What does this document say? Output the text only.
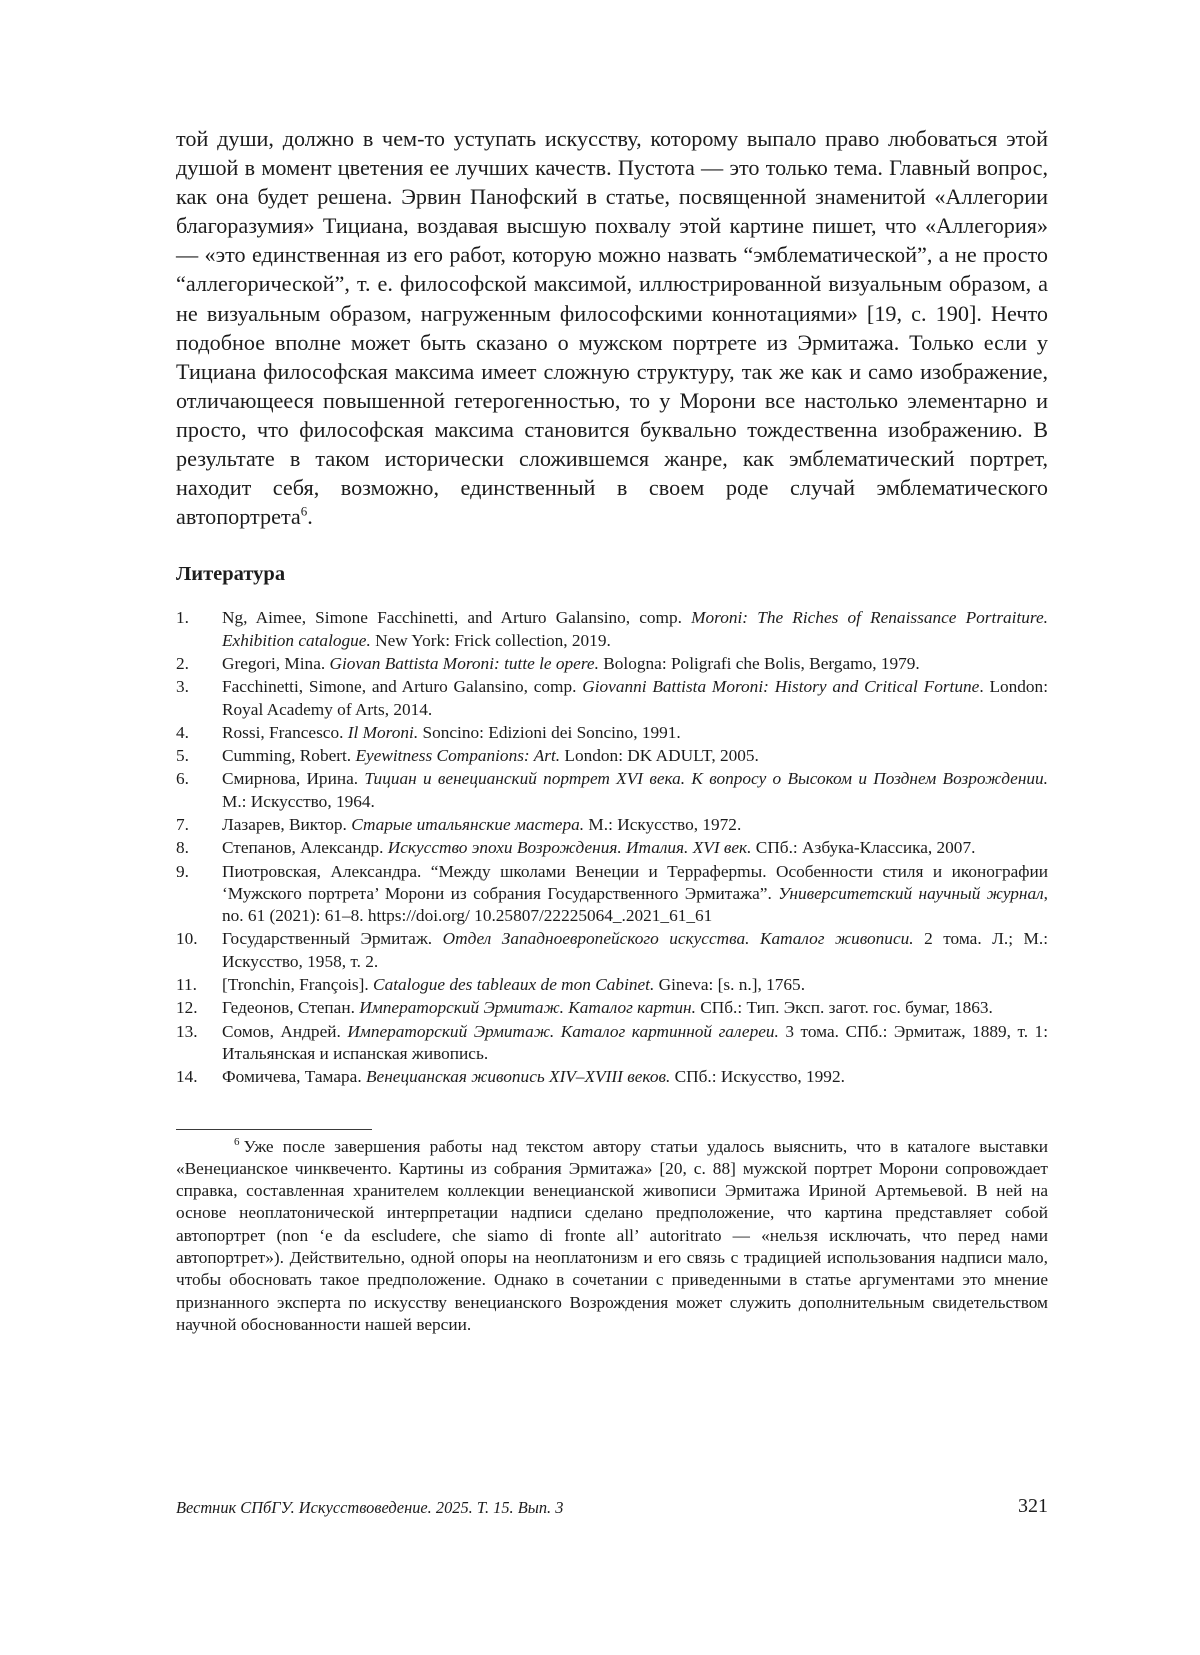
той души, должно в чем-то уступать искусству, которому выпало право любоваться этой душой в момент цветения ее лучших качеств. Пустота — это только тема. Главный вопрос, как она будет решена. Эрвин Панофский в статье, посвященной знаменитой «Аллегории благоразумия» Тициана, воздавая высшую похвалу этой картине пишет, что «Аллегория» — «это единственная из его работ, которую можно назвать “эмблематической”, а не просто “аллегорической”, т. е. философской максимой, иллюстрированной визуальным образом, а не визуальным образом, нагруженным философскими коннотациями» [19, с. 190]. Нечто подобное вполне может быть сказано о мужском портрете из Эрмитажа. Только если у Тициана философская максима имеет сложную структуру, так же как и само изображение, отличающееся повышенной гетерогенностью, то у Морони все настолько элементарно и просто, что философская максима становится буквально тождественна изображению. В результате в таком исторически сложившемся жанре, как эмблематический портрет, находит себя, возможно, единственный в своем роде случай эмблематического автопортрета$^6$.

Литература
1. Ng, Aimee, Simone Facchinetti, and Arturo Galansino, comp. Moroni: The Riches of Renaissance Portraiture. Exhibition catalogue. New York: Frick collection, 2019.
2. Gregori, Mina. Giovan Battista Moroni: tutte le opere. Bologna: Poligrafi che Bolis, Bergamo, 1979.
3. Facchinetti, Simone, and Arturo Galansino, comp. Giovanni Battista Moroni: History and Critical Fortune. London: Royal Academy of Arts, 2014.
4. Rossi, Francesco. Il Moroni. Soncino: Edizioni dei Soncino, 1991.
5. Cumming, Robert. Eyewitness Companions: Art. London: DK ADULT, 2005.
6. Смирнова, Ирина. Тициан и венецианский портрет XVI века. К вопросу о Высоком и Позднем Возрождении. М.: Искусство, 1964.
7. Лазарев, Виктор. Старые итальянские мастера. М.: Искусство, 1972.
8. Степанов, Александр. Искусство эпохи Возрождения. Италия. XVI век. СПб.: Азбука-Классика, 2007.
9. Пиотровская, Александра. “Между школами Венеции и Терраферmы. Особенности стиля и иконографии ‘Мужского портрета’ Морони из собрания Государственного Эрмитажа”. Университетский научный журнал, no. 61 (2021): 61–8. https://doi.org/ 10.25807/22225064_.2021_61_61
10. Государственный Эрмитаж. Отдел Западноевропейского искусства. Каталог живописи. 2 тома. Л.; М.: Искусство, 1958, т. 2.
11. [Tronchin, François]. Catalogue des tableaux de mon Cabinet. Gineva: [s. n.], 1765.
12. Гедеонов, Степан. Императорский Эрмитаж. Каталог картин. СПб.: Тип. Эксп. загот. гос. бумаг, 1863.
13. Сомов, Андрей. Императорский Эрмитаж. Каталог картинной галереи. 3 тома. СПб.: Эрмитаж, 1889, т. 1: Итальянская и испанская живопись.
14. Фомичева, Тамара. Венецианская живопись XIV–XVIII веков. СПб.: Искусство, 1992.

$^6$ Уже после завершения работы над текстом автору статьи удалось выяснить, что в каталоге выставки «Венецианское чинквеченто. Картины из собрания Эрмитажа» [20, с. 88] мужской портрет Морони сопровождает справка, составленная хранителем коллекции венецианской живописи Эрмитажа Ириной Артемьевой. В ней на основе неоплатонической интерпретации надписи сделано предположение, что картина представляет собой автопортрет (non ‘e da escludere, che siamo di fronte all’ autoritrato — «нельзя исключать, что перед нами автопортрет»). Действительно, одной опоры на неоплатонизм и его связь с традицией использования надписи мало, чтобы обосновать такое предположение. Однако в сочетании с приведенными в статье аргументами это мнение признанного эксперта по искусству венецианского Возрождения может служить дополнительным свидетельством научной обоснованности нашей версии.

Вестник СПбГУ. Искусствоведение. 2025. Т. 15. Вып. 3	321
